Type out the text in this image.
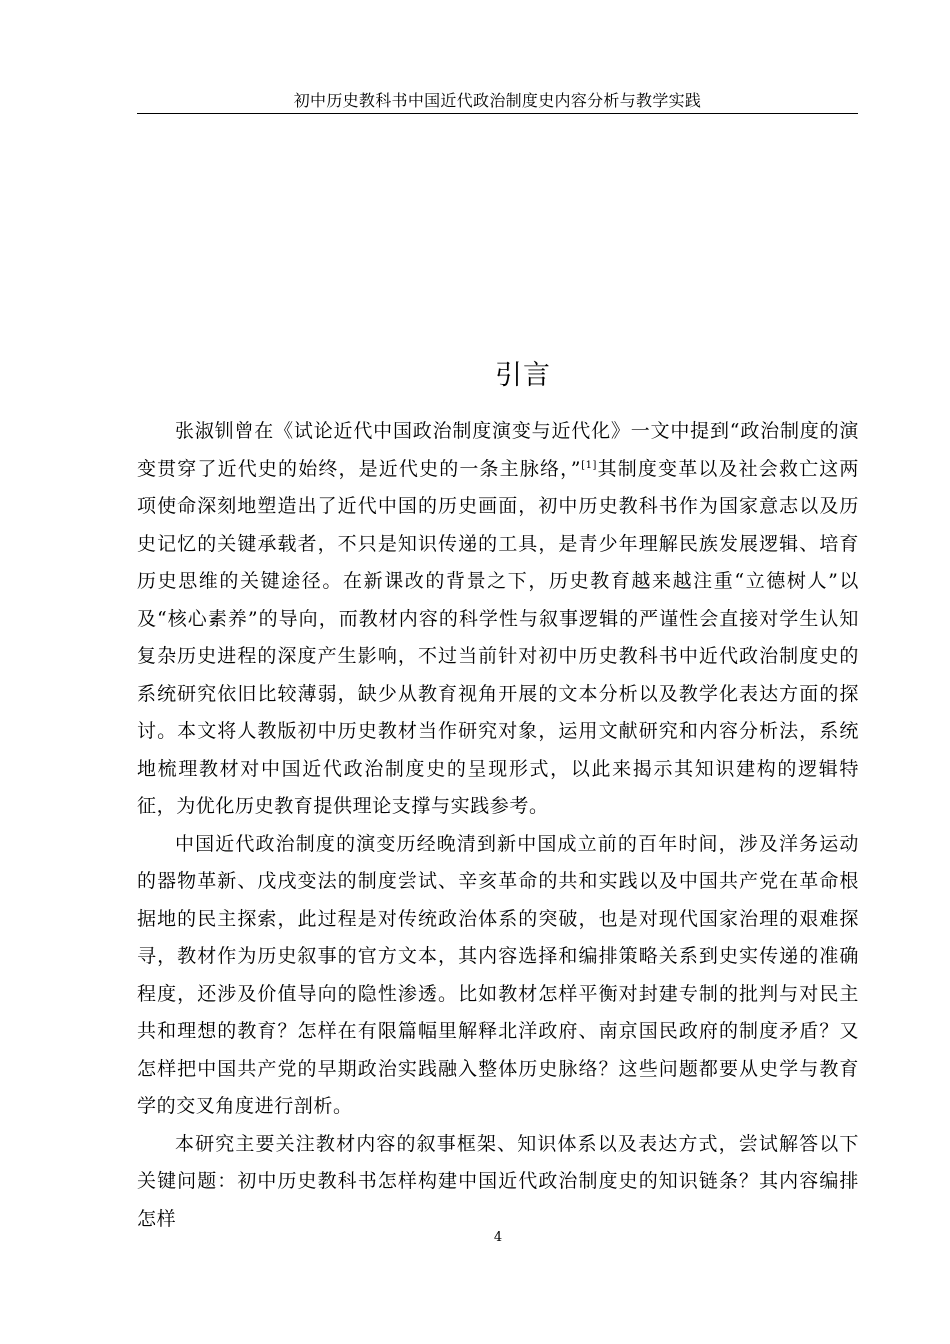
初中历史教科书中国近代政治制度史内容分析与教学实践
引言

张淑钏曾在《试论近代中国政治制度演变与近代化》一文中提到“政治制度的演变贯穿了近代史的始终，是近代史的一条主脉络，”[1]其制度变革以及社会救亡这两项使命深刻地塑造出了近代中国的历史画面，初中历史教科书作为国家意志以及历史记忆的关键承载者，不只是知识传递的工具，是青少年理解民族发展逻辑、培育历史思维的关键途径。在新课改的背景之下，历史教育越来越注重“立德树人”以及“核心素养”的导向，而教材内容的科学性与叙事逻辑的严谨性会直接对学生认知复杂历史进程的深度产生影响，不过当前针对初中历史教科书中近代政治制度史的系统研究依旧比较薄弱，缺少从教育视角开展的文本分析以及教学化表达方面的探讨。本文将人教版初中历史教材当作研究对象，运用文献研究和内容分析法，系统地梳理教材对中国近代政治制度史的呈现形式，以此来揭示其知识建构的逻辑特征，为优化历史教育提供理论支撑与实践参考。

中国近代政治制度的演变历经晚清到新中国成立前的百年时间，涉及洋务运动的器物革新、戊戌变法的制度尝试、辛亥革命的共和实践以及中国共产党在革命根据地的民主探索，此过程是对传统政治体系的突破，也是对现代国家治理的艰难探寻，教材作为历史叙事的官方文本，其内容选择和编排策略关系到史实传递的准确程度，还涉及价值导向的隐性渗透。比如教材怎样平衡对封建专制的批判与对民主共和理想的教育？怎样在有限篇幅里解释北洋政府、南京国民政府的制度矛盾？又怎样把中国共产党的早期政治实践融入整体历史脉络？这些问题都要从史学与教育学的交叉角度进行剖析。

本研究主要关注教材内容的叙事框架、知识体系以及表达方式，尝试解答以下关键问题：初中历史教科书怎样构建中国近代政治制度史的知识链条？其内容编排怎样

4
